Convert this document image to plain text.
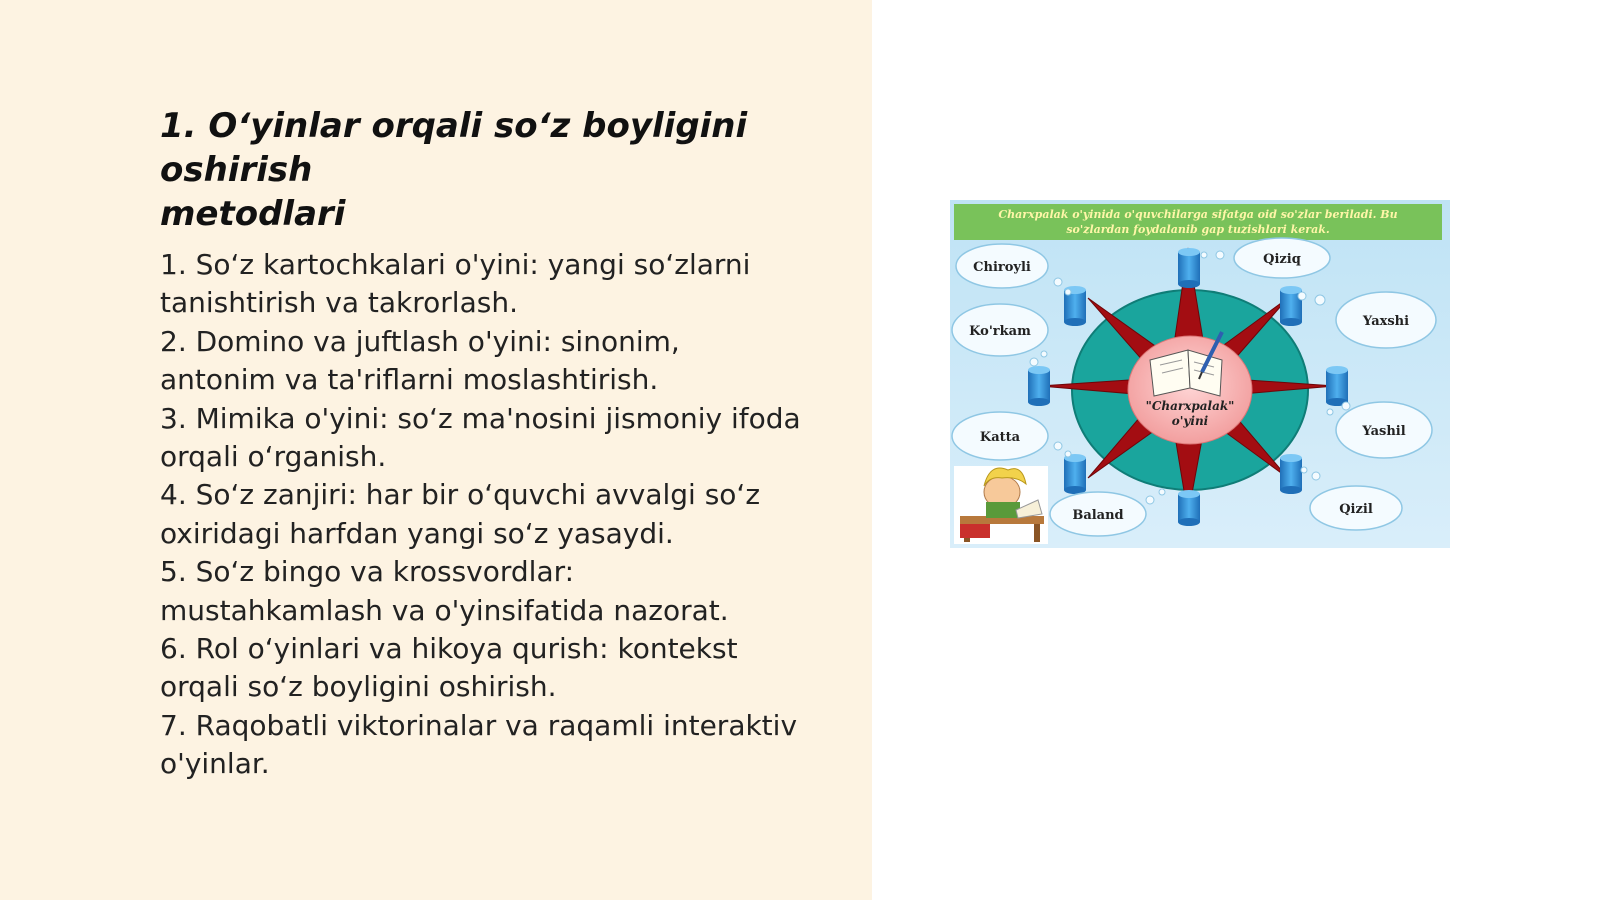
1. O‘yinlar orqali so‘z boyligini oshirish
metodlari
1. So‘z kartochkalari o'yini: yangi so‘zlarni
tanishtirish va takrorlash.
2. Domino va juftlash o'yini: sinonim,
antonim va ta'riflarni moslashtirish.
3. Mimika o'yini: so‘z ma'nosini jismoniy ifoda
orqali o‘rganish.
4. So‘z zanjiri: har bir o‘quvchi avvalgi so‘z
oxiridagi harfdan yangi so‘z yasaydi.
5. So‘z bingo va krossvordlar:
mustahkamlash va o'yinsifatida nazorat.
6. Rol o‘yinlari va hikoya qurish: kontekst
orqali so‘z boyligini oshirish.
7. Raqobatli viktorinalar va raqamli interaktiv
o'yinlar.
Charxpalak o'yinida o'quvchilarga sifatga oid so'zlar beriladi. Bu
so'zlardan foydalanib gap tuzishlari kerak.
"Charxpalak"
o'yini
Chiroyli
Qiziq
Yaxshi
Ko'rkam
Katta	Yashil
Baland	Qizil
